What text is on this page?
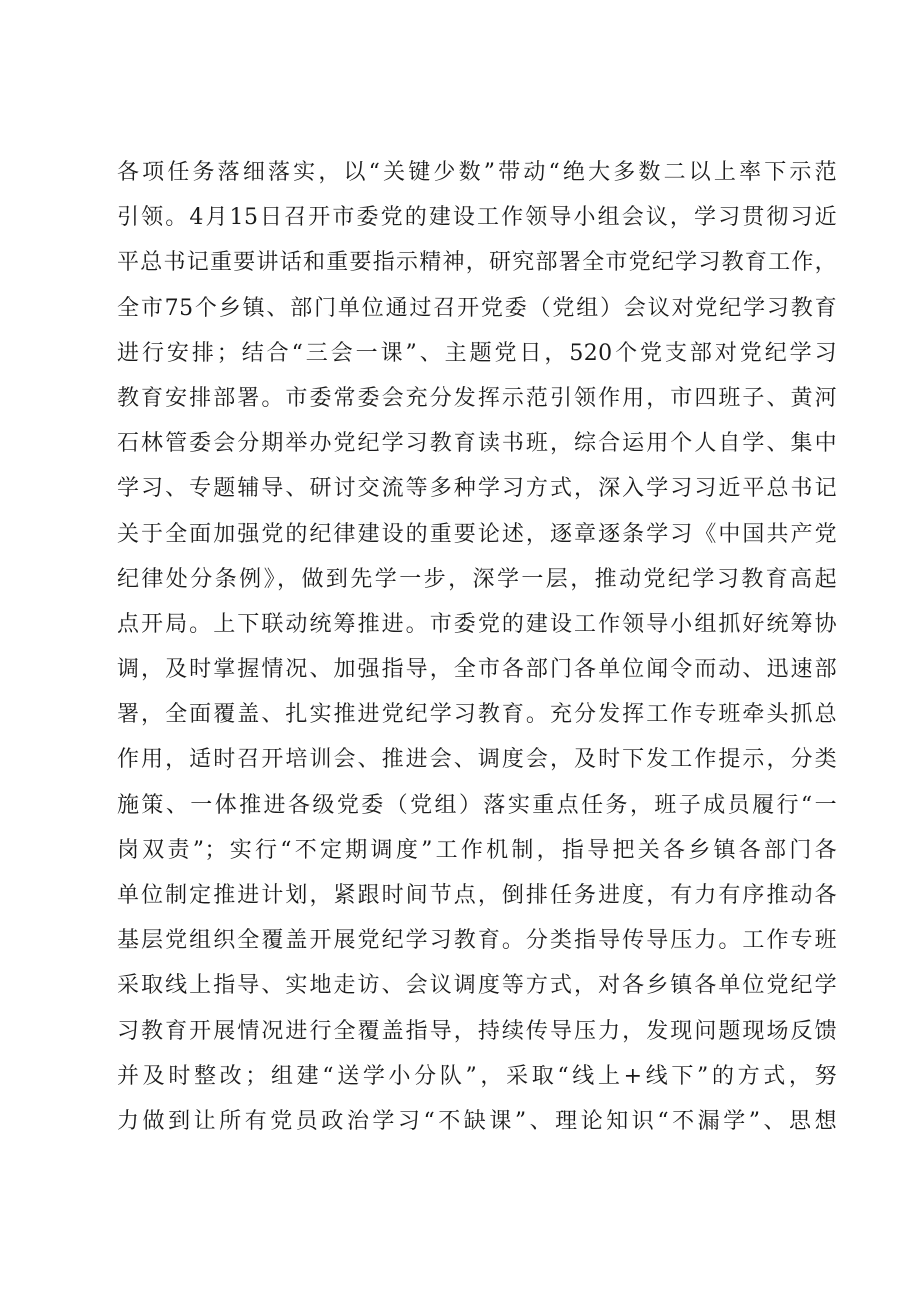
各项任务落细落实，以“关键少数”带动“绝大多数二以上率下示范
引领。4月15日召开市委党的建设工作领导小组会议，学习贯彻习近
平总书记重要讲话和重要指示精神，研究部署全市党纪学习教育工作，
全市75个乡镇、部门单位通过召开党委（党组）会议对党纪学习教育
进行安排；结合“三会一课”、主题党日，520个党支部对党纪学习
教育安排部署。市委常委会充分发挥示范引领作用，市四班子、黄河
石林管委会分期举办党纪学习教育读书班，综合运用个人自学、集中
学习、专题辅导、研讨交流等多种学习方式，深入学习习近平总书记
关于全面加强党的纪律建设的重要论述，逐章逐条学习《中国共产党
纪律处分条例》，做到先学一步，深学一层，推动党纪学习教育高起
点开局。上下联动统筹推进。市委党的建设工作领导小组抓好统筹协
调，及时掌握情况、加强指导，全市各部门各单位闻令而动、迅速部
署，全面覆盖、扎实推进党纪学习教育。充分发挥工作专班牵头抓总
作用，适时召开培训会、推进会、调度会，及时下发工作提示，分类
施策、一体推进各级党委（党组）落实重点任务，班子成员履行“一
岗双责”；实行“不定期调度”工作机制，指导把关各乡镇各部门各
单位制定推进计划，紧跟时间节点，倒排任务进度，有力有序推动各
基层党组织全覆盖开展党纪学习教育。分类指导传导压力。工作专班
采取线上指导、实地走访、会议调度等方式，对各乡镇各单位党纪学
习教育开展情况进行全覆盖指导，持续传导压力，发现问题现场反馈
并及时整改；组建“送学小分队”，采取“线上+线下”的方式，努
力做到让所有党员政治学习“不缺课”、理论知识“不漏学”、思想
